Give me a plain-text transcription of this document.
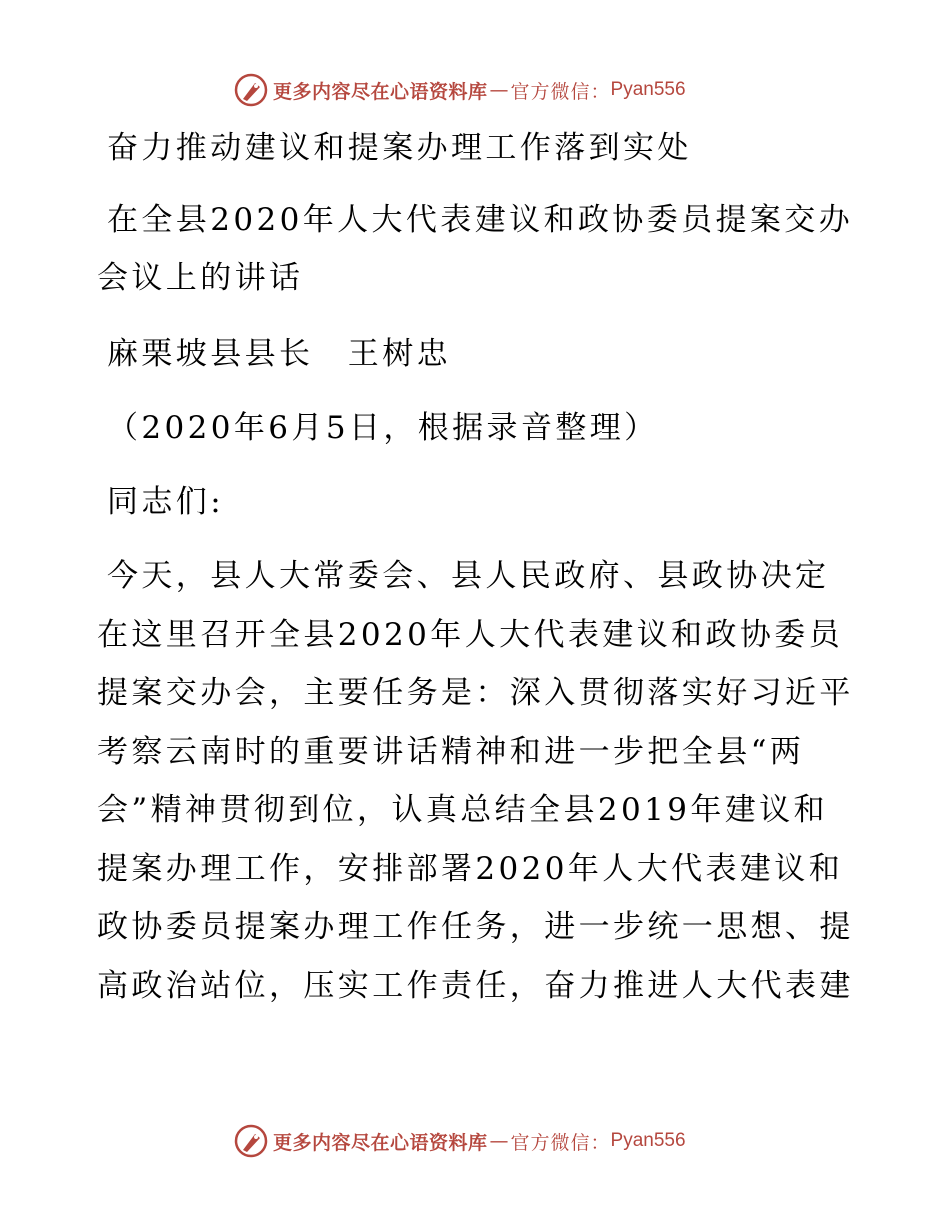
更多内容尽在心语资料库 — 官方微信： Pyan556
奋力推动建议和提案办理工作落到实处
在全县2020年人大代表建议和政协委员提案交办
会议上的讲话
麻栗坡县县长　王树忠
（2020年6月5日，根据录音整理）
同志们:
今天，县人大常委会、县人民政府、县政协决定
在这里召开全县2020年人大代表建议和政协委员
提案交办会，主要任务是：深入贯彻落实好习近平
考察云南时的重要讲话精神和进一步把全县“两
会”精神贯彻到位，认真总结全县2019年建议和
提案办理工作，安排部署2020年人大代表建议和
政协委员提案办理工作任务，进一步统一思想、提
高政治站位，压实工作责任，奋力推进人大代表建
更多内容尽在心语资料库 — 官方微信： Pyan556
